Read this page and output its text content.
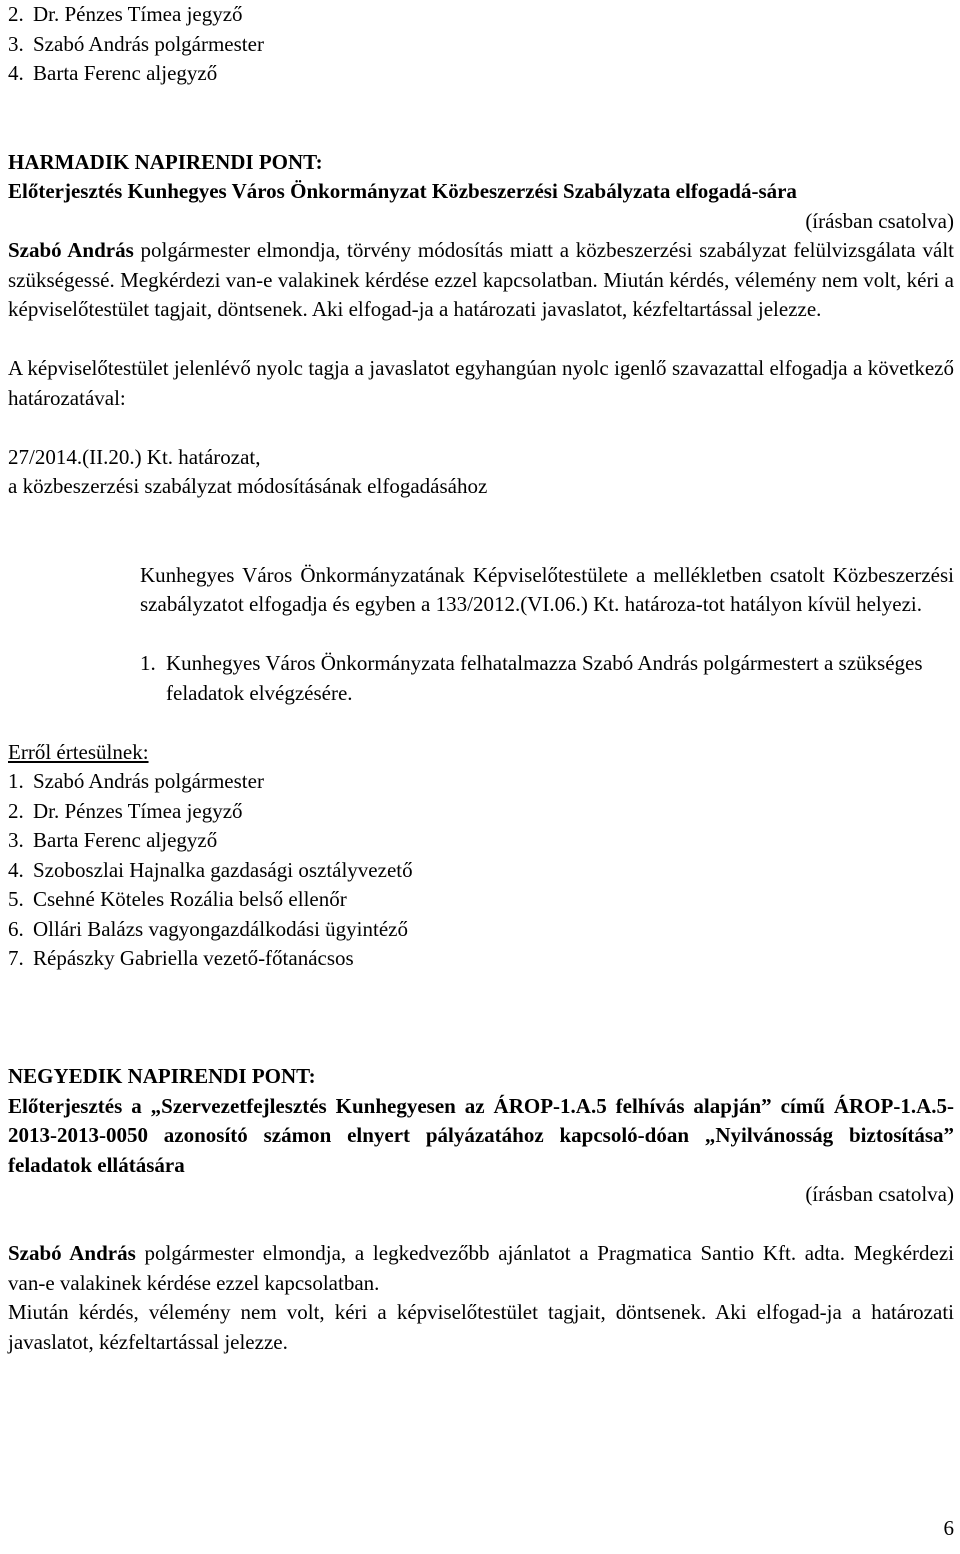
2. Dr. Pénzes Tímea jegyző
3. Szabó András polgármester
4. Barta Ferenc aljegyző

HARMADIK NAPIRENDI PONT:

Előterjesztés Kunhegyes Város Önkormányzat Közbeszerzési Szabályzata elfogadá-sára

(írásban csatolva)

Szabó András polgármester elmondja, törvény módosítás miatt a közbeszerzési szabályzat felülvizsgálata vált szükségessé. Megkérdezi van-e valakinek kérdése ezzel kapcsolatban. Miután kérdés, vélemény nem volt, kéri a képviselőtestület tagjait, döntsenek. Aki elfogad-ja a határozati javaslatot, kézfeltartással jelezze.

A képviselőtestület jelenlévő nyolc tagja a javaslatot egyhangúan nyolc igenlő szavazattal elfogadja a következő határozatával:

27/2014.(II.20.) Kt. határozat,

a közbeszerzési szabályzat módosításának elfogadásához

Kunhegyes Város Önkormányzatának Képviselőtestülete a mellékletben csatolt Közbeszerzési szabályzatot elfogadja és egyben a 133/2012.(VI.06.) Kt. határoza-tot hatályon kívül helyezi.

1. Kunhegyes Város Önkormányzata felhatalmazza Szabó András polgármestert a szükséges feladatok elvégzésére.

Erről értesülnek:

1. Szabó András polgármester
2. Dr. Pénzes Tímea jegyző
3. Barta Ferenc aljegyző
4. Szoboszlai Hajnalka gazdasági osztályvezető
5. Csehné Köteles Rozália belső ellenőr
6. Ollári Balázs vagyongazdálkodási ügyintéző
7. Répászky Gabriella vezető-főtanácsos

NEGYEDIK NAPIRENDI PONT:

Előterjesztés a „Szervezetfejlesztés Kunhegyesen az ÁROP-1.A.5 felhívás alapján” című ÁROP-1.A.5-2013-2013-0050 azonosító számon elnyert pályázatához kapcsoló-dóan „Nyilvánosság biztosítása” feladatok ellátására

(írásban csatolva)

Szabó András polgármester elmondja, a legkedvezőbb ajánlatot a Pragmatica Santio Kft. adta. Megkérdezi van-e valakinek kérdése ezzel kapcsolatban.

Miután kérdés, vélemény nem volt, kéri a képviselőtestület tagjait, döntsenek. Aki elfogad-ja a határozati javaslatot, kézfeltartással jelezze.

6
